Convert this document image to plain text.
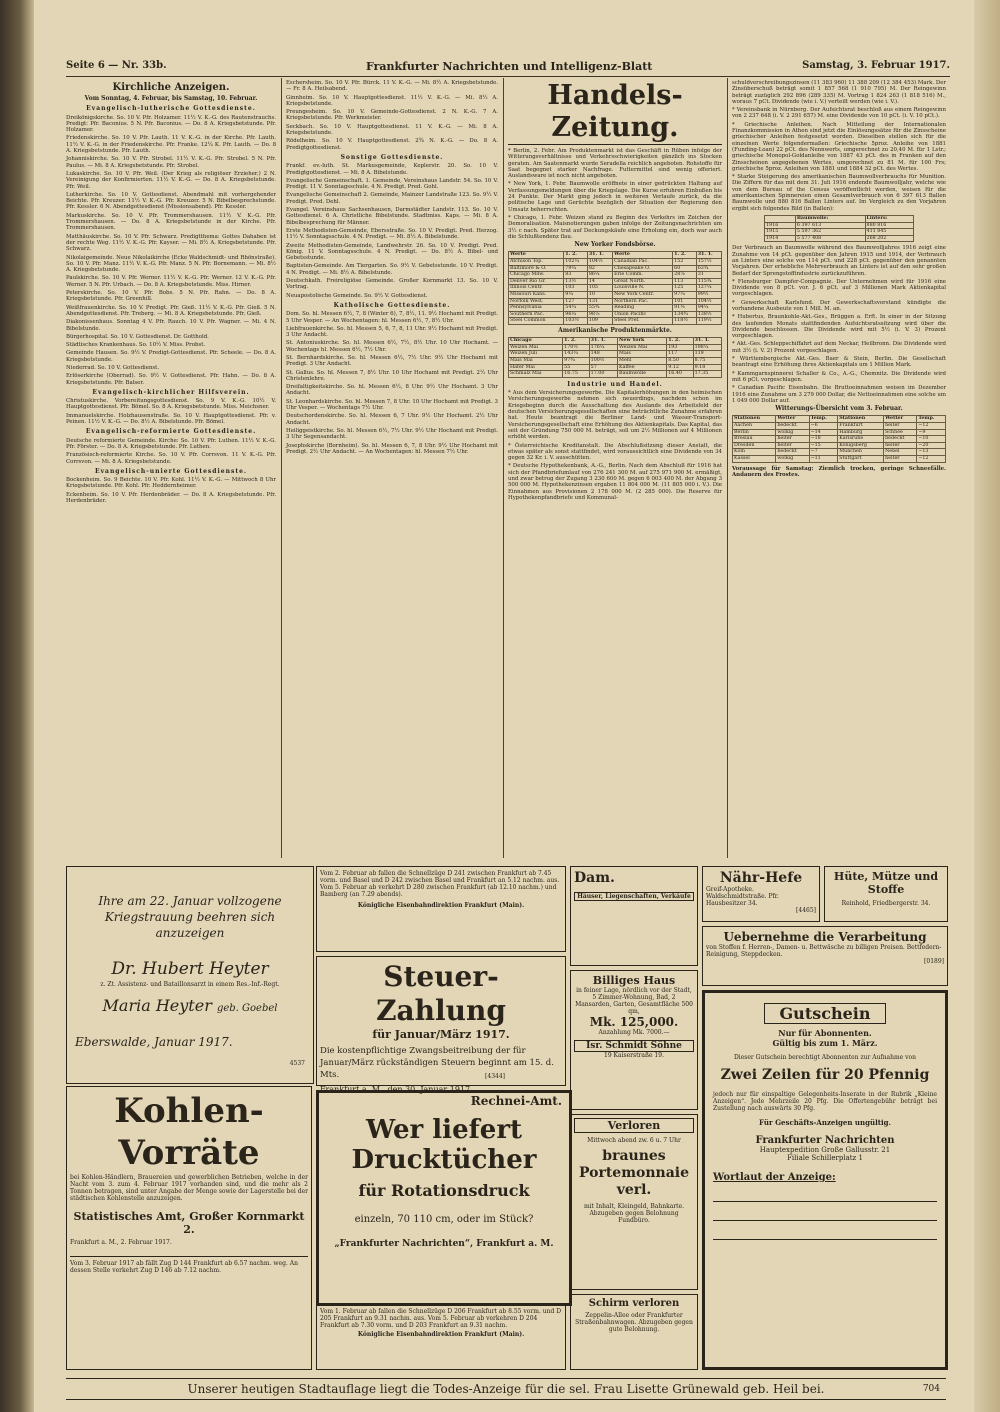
Seite 6 — Nr. 33b.	Frankfurter Nachrichten und Intelligenz-Blatt	Samstag, 3. Februar 1917.
Kirchliche Anzeigen.
Vom Sonntag, 4. Februar, bis Samstag, 10. Februar.
Evangelisch-lutherische Gottesdienste.

Dreikönigskirche. So. 10 V. Pfr. Holzamer. 11½ V. K.-G. des Rautenstrauchs. Predigt: Pfr. Baconius. 5 N. Pfr. Baconius. — Do. 8 A. Kriegsbetstunde. Pfr. Holzamer.

Friedenskirche. So. 10 V. Pfr. Lauth. 11 V. K.-G. in der Kirche. Pfr. Lauth. 11½ V. K.-G. in der Friedenskirche. Pfr. Franke. 12¼ K. Pfr. Lauth. — Do. 8 A. Kriegsbetstunde. Pfr. Lauth.

Johanniskirche. So. 10 V. Pfr. Strobel. 11½ V. K.-G. Pfr. Strobel. 5 N. Pfr. Paulus. — Mi. 8 A. Kriegsbetstunde. Pfr. Strobel.

Lukaskirche. So. 10 V. Pfr. Weil. (Der Krieg als religiöser Erzieher.) 2 N. Vereinigung der Konfirmierten. 11½ V. K.-G. — Do. 8 A. Kriegsbetstunde. Pfr. Weil.

Lutherkirche. So. 10 V. Gottesdienst. Abendmahl mit vorhergehender Beichte. Pfr. Kreuzer. 11½ V. K.-G. Pfr. Kreuzer. 5 N. Bibelbesprechstunde. Pfr. Kessler. 6 N. Abendgottesdienst (Missionsabend). Pfr. Kessler.

Markuskirche. So. 10 V. Pfr. Trommershausen. 11½ V. K.-G. Pfr. Trommershausen. — Do. 8 A. Kriegsbetstunde in der Kirche. Pfr. Trommershausen.

Matthäuskirche. So. 10 V. Pfr. Schwarz. Predigtthema: Gottes Dahaben ist der rechte Weg. 11½ V. K.-G. Pfr. Kayser. — Mi. 8½ A. Kriegsbetstunde. Pfr. Schwarz.

Nikolaigemeinde. Neue Nikolaikirche (Ecke Waldschmidt- und Rhönstraße). So. 10 V. Pfr. Manz. 11½ V. K.-G. Pfr. Manz. 5 N. Pfr. Bornemann. — Mi. 8½ A. Kriegsbetstunde.

Paulskirche. So. 10 V. Pfr. Werner. 11½ V. K.-G. Pfr. Werner. 12 V. K.-G. Pfr. Werner. 5 N. Pfr. Urbach. — Do. 8 A. Kriegsbetstunde. Miss. Hirner.

Peterskirche. So. 10 V. Pfr. Bobs. 5 N. Pfr. Rahn. — Do. 8 A. Kriegsbetstunde. Pfr. Greenhill.

Weißfrauenkirche. So. 10 V. Predigt. Pfr. Gieß. 11½ V. K.-G. Pfr. Gieß. 5 N. Abendgottesdienst. Pfr. Treberg. — Mi. 8 A. Kriegsbetstunde. Pfr. Gieß.

Diakonissenhaus. Sonntag 4 V. Pfr. Rauch. 10 V. Pfr. Wagner. — Mi. 4 N. Bibelstunde.

Bürgerhospital. So. 10 V. Gottesdienst. Dr. Gotthold.

Städtisches Krankenhaus. So. 10½ V. Miss. Probst.

Gemeinde Hausen. So. 9½ V. Predigt-Gottesdienst. Pfr. Scheele. — Do. 8 A. Kriegsbetstunde.

Niederrad. So. 10 V. Gottesdienst.

Erlöserkirche (Oberrad). So. 9½ V. Gottesdienst. Pfr. Hahn. — Do. 8 A. Kriegsbetstunde. Pfr. Balser.

Evangelisch-kirchlicher Hilfsverein.

Christuskirche. Vorbereitungsgottesdienst. So. 9 V. K.-G. 10½ V. Hauptgottesdienst. Pfr. Bömel. So. 8 A. Kriegsbetstunde. Miss. Meichsner.

Immanuelskirche. Holzhausenstraße. So. 10 V. Hauptgottesdienst. Pfr. v. Peinen. 11½ V. K.-G. — Do. 8½ A. Bibelstunde. Pfr. Bömel.

Evangelisch-reformierte Gottesdienste.

Deutsche reformierte Gemeinde. Kirche: So. 10 V. Pfr. Luthen. 11½ V. K.-G. Pfr. Förster. — Do. 8 A. Kriegsbetstunde. Pfr. Luthen.

Französisch-reformierte Kirche. So. 10 V. Pfr. Corrsvon. 11 V. K.-G. Pfr. Corrsvon. — Mi. 8 A. Kriegsbetstunde.

Evangelisch-unierte Gottesdienste.

Bockenheim. So. 9 Beichte. 10 V. Pfr. Kohl. 11½ V. K.-G. — Mittwoch 8 Uhr Kriegsbetstunde. Pfr. Kohl. Pfr. Heddernheimer.

Eckenheim. So. 10 V. Pfr. Herdenbräder. — Do. 8 A. Kriegsbetstunde. Pfr. Herdenbräder.

Eschersheim. So. 10 V. Pfr. Bürck. 11 V. K.-G. — Mi. 8½ A. Kriegsbetstunde. — Fr. 8 A. Heilsabend.

Ginnheim. So. 10 V. Hauptgottesdienst. 11½ V. K.-G. — Mi. 8½ A. Kriegsbetstunde.

Preungesheim. So. 10 V. Gemeinde-Gottesdienst. 2 N. K.-G. 7 A. Kriegsbetstunde. Pfr. Werkmeister.

Seckbach. So. 10 V. Hauptgottesdienst. 11 V. K.-G. — Mi. 8 A. Kriegsbetstunde.

Rödelheim. So. 10 V. Hauptgottesdienst. 2¾ N. K.-G. — Do. 8 A. Predigtgottesdienst.

Sonstige Gottesdienste.

Frankf. ev.-luth. St. Markusgemeinde, Keplerstr. 20. So. 10 V. Predigtgottesdienst. — Mi. 8 A. Bibelstunde.

Evangelische Gemeinschaft. 1. Gemeinde, Vereinshaus Landstr. 54. So. 10 V. Predigt. 11 V. Sonntagsschule. 4 N. Predigt. Pred. Gohl.

Evangelische Gemeinschaft 2. Gemeinde, Mainzer Landstraße 123. So. 9½ V. Predigt. Pred. Dehl.

Evangel. Vereinshaus Sachsenhausen, Darmstädter Landstr. 113. So. 10 V. Gottesdienst. 6 A. Christliche Bibelstunde. Stadtmiss. Kaps. — Mi. 8 A. Bibelbesprechung für Männer.

Erste Methodisten-Gemeinde, Ebersstraße. So. 10 V. Predigt. Pred. Herzog. 11½ V. Sonntagsschule. 4 N. Predigt. — Mi. 8½ A. Bibelstunde.

Zweite Methodisten-Gemeinde, Landwehrstr. 26. So. 10 V. Predigt. Pred. König. 11 V. Sonntagsschule. 4 N. Predigt. — Do. 8½ A. Bibel- und Gebetsstunde.

Baptisten-Gemeinde. Am Tiergarten. So. 9½ V. Gebetsstunde. 10 V. Predigt. 4 N. Predigt. — Mi. 8½ A. Bibelstunde.

Deutschkath. Freireligiöse Gemeinde. Großer Kornmarkt 13. So. 10 V. Vortrag.

Neuapostolische Gemeinde. So. 9½ V. Gottesdienst.

Katholische Gottesdienste.

Dom. So. hl. Messen 6½, 7, 8 (Winter 6), 7, 8½, 11. 9½ Hochamt mit Predigt. 5 Uhr Vesper. — An Wochentagen: hl. Messen 6½, 7, 8½ Uhr.

Liebfrauenkirche. So. hl. Messen 5, 6, 7, 8, 11 Uhr. 9½ Hochamt mit Predigt. 3 Uhr Andacht.

St. Antoniuskirche. So. hl. Messen 6½, 7½, 8½ Uhr. 10 Uhr Hochamt. — Wochentags hl. Messen 6½, 7½ Uhr.

St. Bernhardskirche. So. hl. Messen 6½, 7½ Uhr. 9½ Uhr Hochamt mit Predigt. 3 Uhr Andacht.

St. Gallus. So. hl. Messen 7, 8½ Uhr. 10 Uhr Hochamt mit Predigt. 2½ Uhr Christenlehre.

Dreifaltigkeitskirche. So. hl. Messen 6½, 8 Uhr. 9½ Uhr Hochamt. 3 Uhr Andacht.

St. Leonhardskirche. So. hl. Messen 7, 8 Uhr. 10 Uhr Hochamt mit Predigt. 3 Uhr Vesper. — Wochentags 7½ Uhr.

Deutschordenskirche. So. hl. Messen 6, 7 Uhr. 9½ Uhr Hochamt. 2½ Uhr Andacht.

Heiliggeistkirche. So. hl. Messen 6½, 7½ Uhr. 9½ Uhr Hochamt mit Predigt. 3 Uhr Segensandacht.

Josephskirche (Bornheim). So. hl. Messen 6, 7, 8 Uhr. 9½ Uhr Hochamt mit Predigt. 2½ Uhr Andacht. — An Wochentagen: hl. Messen 7½ Uhr.

Handels-Zeitung.

* Berlin, 2. Febr. Am Produktenmarkt ist das Geschäft in Rüben infolge der Witterungsverhältnisse und Verkehrsschwierigkeiten gänzlich ins Stocken geraten. Am Saatenmarkt wurde Seradella reichlich angeboten. Rohstoffe für Saat begegnet starker Nachfrage. Futtermittel sind wenig offeriert. Auslandsware ist noch nicht angeboten.

* New York, 1. Febr. Baumwolle eröffnete in einer gedrückten Haltung auf Verfassungsmeldungen über die Kriegslage. Die Kurse erfuhren Einbußen bis 24 Punkte. Der Markt ging jedoch in weiteren Verlaufe zurück, da die politische Lage und Gerüchte bezüglich der Situation der Regierung den Umsatz beherrschten.

* Chicago, 1. Febr. Weizen stand zu Beginn des Verkehrs im Zeichen der Demoralisation. Maisnotierungen gaben infolge der Zeitungsnachrichten um 3½ c nach. Später trat auf Deckungskäufe eine Erholung ein, doch war auch die Schlußtendenz flau.

New Yorker Fondsbörse.
Werte	1. 2.	31. 1.	Werte	1. 2.	31. 1.
Atchison Top.	102¼	104½	Canadian Pac.	152	157½
Baltimore & O.	79¼	82	Chesapeake O.	60	63¾
Chicago Milw.	83	86¼	Erie Comm.	28⅞	31
Denver Rio Gr.	13½	14	Great North.	113	115¾
Illinois Centr.	103	105	Louisville N.	125	127¼
Missouri Kans.	9¼	10	New York Centr.	97¼	99½
Norfolk West.	127	131	Northern Pac.	101	104½
Pennsylvania	54¼	55¾	Reading	91⅜	94¼
Southern Pac.	96¼	98⅞	Union Pacific	134¾	138½
Steel Common	103½	109	Steel Pref.	118½	119½
Amerikanische Produktenmärkte.
Chicago	1. 2.	31. 1.	New York	1. 2.	31. 1.
Weizen Mai	170½	176¼	Weizen Mai	193	198¼
Weizen Juli	143¼	148	Mais	117	119
Mais Mai	97¾	100½	Mehl	8.50	8.75
Hafer Mai	55	57	Kaffee	9.12	9.18
Schmalz Mai	16.75	17.00	Baumwolle	16.40	17.35
Industrie und Handel.

* Aus dem Versicherungsgewerbe. Die Kapitalerhöhungen in den heimischen Versicherungsgewerbe nehmen sich neuerdings, nachdem schon im Kriegsbeginn durch die Ausschaltung des Auslands des Arbeitsfeld der deutschen Versicherungsgesellschaften eine beträchtliche Zunahme erfahren hat. Heute beantragt die Berliner Land- und Wasser-Transport-Versicherungsgesellschaft eine Erhöhung des Aktienkapitals. Das Kapital, das seit der Gründung 750 000 M. beträgt, soll um 2½ Millionen auf 4 Millionen erhöht werden.

* Österreichische Kreditanstalt. Die Abschlußsitzung dieser Anstalt, die etwas später als sonst stattfindet, wird voraussichtlich eine Dividende von 34 gegen 32 Kr. i. V. ausschütten.

* Deutsche Hypothekenbank, A.-G., Berlin. Nach dem Abschluß für 1916 hat sich der Pfandbriefumlauf von 276 241 300 M. auf 275 971 900 M. ermäßigt, und zwar betrug der Zugang 3 230 600 M. gegen 6 003 400 M. der Abgang 3 500 000 M. Hypothekenzinsen ergaben 11 804 000 M. (11 805 000 i. V.). Die Einnahmen aus Provisionen 2 178 000 M. (2 285 000). Die Reserve für Hypothekenpfandbriefe und Kommunal-

schuldverschreibungszinsen (11 383 960) 11 388 209 (12 384 453) Mark. Der Zinsüberschuß beträgt somit 1 857 568 (1 910 795) M. Der Reingewinn beträgt zuzüglich 292 896 (289 335) M. Vortrag 1 824 263 (1 818 516) M., woraus 7 pCt. Dividende (wie i. V.) verteilt werden (wie i. V.).

* Vereinsbank in Nürnberg. Der Aufsichtsrat beschloß aus einem Reingewinn von 2 237 648 (i. V. 2 291 657) M. eine Dividende von 10 pCt. (i. V. 10 pCt.).

* Griechische Anleihen. Nach Mitteilung der Internationalen Finanzkommission in Athen sind jetzt die Einlösungssätze für die Zinsscheine griechischer Anleihen festgesetzt worden. Dieselben stellen sich für die einzelnen Werte folgendermaßen: Griechische 5proz. Anleihe von 1881 (Funding-Loan) 22 pCt. des Nennwerts, umgerechnet zu 20,40 M. für 1 Lstr.; griechische Monopol-Goldanleihe von 1887 43 pCt. des in Franken auf den Zinsscheinen angegebenen Wertes, umgerechnet zu 81 M. für 100 Frs; griechische 5proz. Anleihen von 1881 und 1884 32 pCt. des Wertes.

* Starke Steigerung des amerikanischen Baumwollverbrauchs für Munition. Die Ziffern für das mit dem 31. Juli 1916 endende Baumwolljahr, welche wie von dem Bureau of the Census veröffentlicht werden, weisen für die amerikanischen Spinnereien einen Gesamtverbrauch von 6 397 613 Ballen Baumwolle und 880 816 Ballen Linters auf. Im Vergleich zu den Vorjahren ergibt sich folgendes Bild (in Ballen):

	Baumwolle:	Linters:
1916	6 397 613	880 816
1915	5 597 362	411 845
1914	5 577 408	268 202

Der Verbrauch an Baumwolle während des Baumwolljahres 1916 zeigt eine Zunahme von 14 pCt. gegenüber den Jahren 1915 und 1914, der Verbrauch an Linters eine solche von 114 pCt. und 228 pCt. gegenüber den genannten Vorjahren. Der erhebliche Mehrverbrauch an Linters ist auf den sehr großen Bedarf der Sprengstoffindustrie zurückzuführen.

* Flensburger Dampfer-Compagnie. Der Unternehmen wird für 1916 eine Dividende von 8 pCt. vor. J. 6 pCt. auf 3 Millionen Mark Aktienkapital vorgeschlagen.

* Gewerkschaft Karlsfund. Der Gewerkschaftsvorstand kündigte die vorhandene Ausbeute von 1 Mill. M. an.

* Hubertus, Braunkohle-Akt.-Ges., Brüggen a. Erft. In einer in der Sitzung des laufenden Monats stattfindenden Aufsichtsratssitzung wird über die Dividende beschlossen. Die Dividende wird mit 5½ (i. V. 3) Prozent vorgeschlagen.

* Akt.-Ges. Schleppschiffahrt auf dem Neckar, Heilbronn. Die Dividende wird mit 3½ (i. V. 2) Prozent vorgeschlagen.

* Württembergische Akt.-Ges. Baer & Stein, Berlin. Die Gesellschaft beantragt eine Erhöhung ihres Aktienkapitals um 1 Million Mark.

* Kammgarnspinnerei Schaller & Co., A.-G., Chemnitz. Die Dividende wird mit 6 pCt. vorgeschlagen.

* Canadian Pacific Eisenbahn. Die Bruttoeinnahmen weisen im Dezember 1916 eine Zunahme um 3 279 000 Dollar, die Nettoeinnahmen eine solche um 1 049 000 Dollar auf.

Witterungs-Übersicht vom 3. Februar.
Stationen	Wetter	Temp.	Stationen	Wetter	Temp.
Aachen	bedeckt	−6	Frankfurt	heiter	−12
Berlin	wolkig	−14	Hamburg	Schnee	−9
Breslau	heiter	−18	Karlsruhe	bedeckt	−10
Dresden	heiter	−15	Königsberg	heiter	−20
Köln	bedeckt	−7	München	Nebel	−13
Kassel	wolkig	−11	Stuttgart	heiter	−12

Voraussage für Samstag: Ziemlich trocken, geringe Schneefälle. Andauern des Frostes.

Ihre am 22. Januar vollzogene Kriegstrauung beehren sich anzuzeigen
Dr. Hubert Heyter
z. Zt. Assistenz- und Bataillonsarzt in einem Res.-Inf.-Regt.
Maria Heyter geb. Goebel
Eberswalde, Januar 1917.
4537
Kohlen-Vorräte
bei Kohlen-Händlern, Brauereien und gewerblichen Betrieben, welche in der Nacht vom 3. zum 4. Februar 1917 vorhanden sind, und die mehr als 2 Tonnen betragen, sind unter Angabe der Menge sowie der Lagerstelle bei der städtischen Kohlenstelle anzuzeigen.
Statistisches Amt, Großer Kornmarkt 2.
Frankfurt a. M., 2. Februar 1917.
Vom 3. Februar 1917 ab fällt Zug D 144 Frankfurt ab 6.57 nachm. weg. An dessen Stelle verkehrt Zug D 146 ab 7.12 nachm.
Vom 2. Februar ab fallen die Schnellzüge D 241 zwischen Frankfurt ab 7.45 vorm. und Basel und D 242 zwischen Basel und Frankfurt an 5.12 nachm. aus. Vom 5. Februar ab verkehrt D 280 zwischen Frankfurt (ab 12.10 nachm.) und Bamberg (an 7.29 abends).
Königliche Eisenbahndirektion Frankfurt (Main).
Steuer-Zahlung
für Januar/März 1917.
Die kostenpflichtige Zwangsbeitreibung der für Januar/März rückständigen Steuern beginnt am 15. d. Mts.
Frankfurt a. M., den 30. Januar 1917.
Rechnei-Amt.
[4344]
Wer liefert Drucktücher
für Rotationsdruck
einzeln, 70 110 cm, oder im Stück?
„Frankfurter Nachrichten“, Frankfurt a. M.
Vom 1. Februar ab fallen die Schnellzüge D 206 Frankfurt ab 8.55 vorm. und D 205 Frankfurt an 9.31 nachm. aus. Vom 5. Februar ab verkehren D 204 Frankfurt ab 7.30 vorm. und D 203 Frankfurt an 9.31 nachm.
Königliche Eisenbahndirektion Frankfurt (Main).
Dam.
Häuser, Liegenschaften, Verkäufe
Billiges Haus
in feiner Lage, nördlich vor der Stadt, 5 Zimmer-Wohnung, Bad, 2 Mansarden, Garten, Gesamtfläche 500 qm,
Mk. 125,000.
Anzahlung Mk. 7000.—
Isr. Schmidt Söhne
19 Kaiserstraße 19.
Verloren
Mittwoch abend zw. 6 u. 7 Uhr
braunes Portemonnaie verl.
mit Inhalt, Kleingeld, Bahnkarte. Abzugeben gegen Belohnung Fundbüro.
Schirm verloren
Zeppelin-Allee oder Frankfurter Straßenbahnwagen. Abzugeben gegen gute Belohnung.
Nähr-Hefe
Greif-Apotheke. Waldschmidtstraße. Pfr. Hausbesitzer 34.
[4465]
Hüte, Mütze und Stoffe
Reinhold, Friedbergerstr. 34.
Uebernehme die Verarbeitung
von Stoffen f. Herren-, Damen- u. Bettwäsche zu billigen Preisen. Bettfedern-Reinigung, Steppdecken.
[0189]
Gutschein
Nur für Abonnenten.
Gültig bis zum 1. März.
Dieser Gutschein berechtigt Abonnenten zur Aufnahme von
Zwei Zeilen für 20 Pfennig
jedoch nur für einspaltige Gelegenheits-Inserate in der Rubrik „Kleine Anzeigen“. Jede Mehrzeile 20 Pfg. Die Offertengebühr beträgt bei Zustellung nach auswärts 30 Pfg.
Für Geschäfts-Anzeigen ungültig.
Frankfurter Nachrichten
Hauptexpedition Große Gallusstr. 21
Filiale Schillerplatz 1
Wortlaut der Anzeige:
Unserer heutigen Stadtauflage liegt die Todes-Anzeige für die sel. Frau Lisette Grünewald geb. Heil bei.	704
